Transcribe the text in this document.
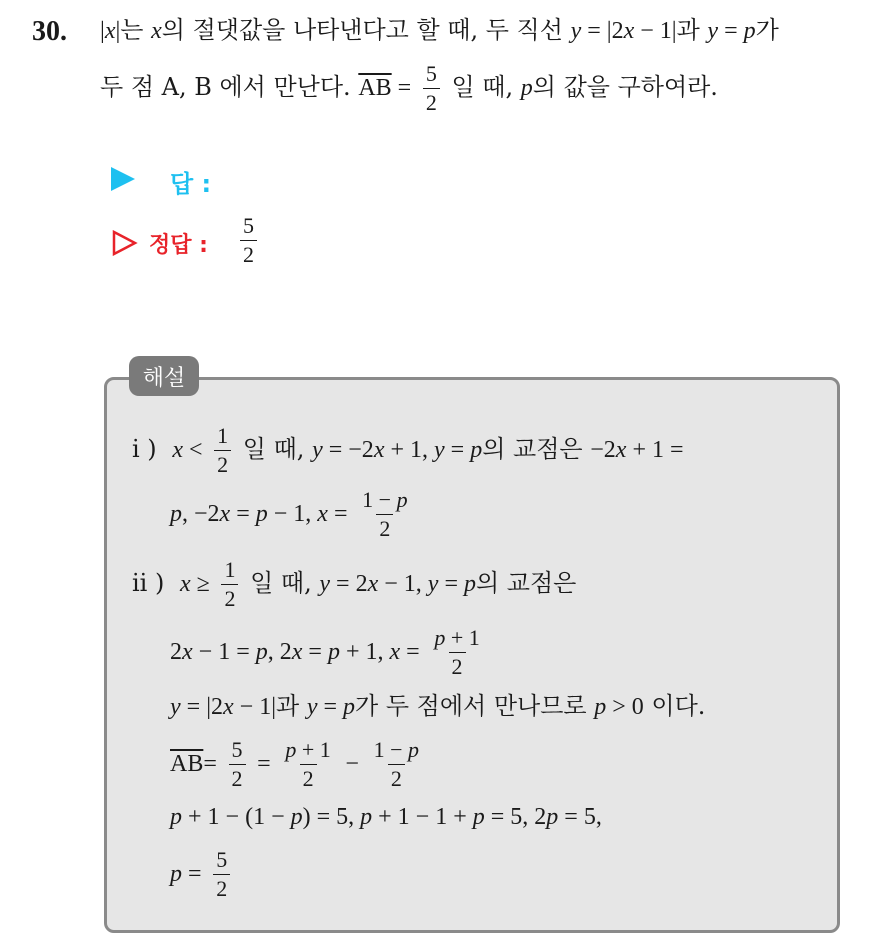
30. |x|는 x의 절댓값을 나타낸다고 할 때, 두 직선 y = |2x − 1|과 y = p가
두 점 A, B 에서 만난다. $\overline{AB} = \frac{5}{2}$ 일 때, p의 값을 구하여라.
답 :
정답 : $\frac{5}{2}$
해설
i ) $x < \frac{1}{2}$ 일 때, y = −2x + 1, y = p의 교점은 −2x + 1 =
p, −2x = p − 1, $x = \frac{1 - p}{2}$
ii ) $x \ge \frac{1}{2}$ 일 때, y = 2x − 1, y = p의 교점은
2x − 1 = p, 2x = p + 1, $x = \frac{p + 1}{2}$
y = |2x − 1|과 y = p가 두 점에서 만나므로 p > 0 이다.
$\overline{AB}= \frac{5}{2} = \frac{p + 1}{2} - \frac{1 - p}{2}$
p + 1 − (1 − p) = 5, p + 1 − 1 + p = 5, 2p = 5,
$p = \frac{5}{2}$
